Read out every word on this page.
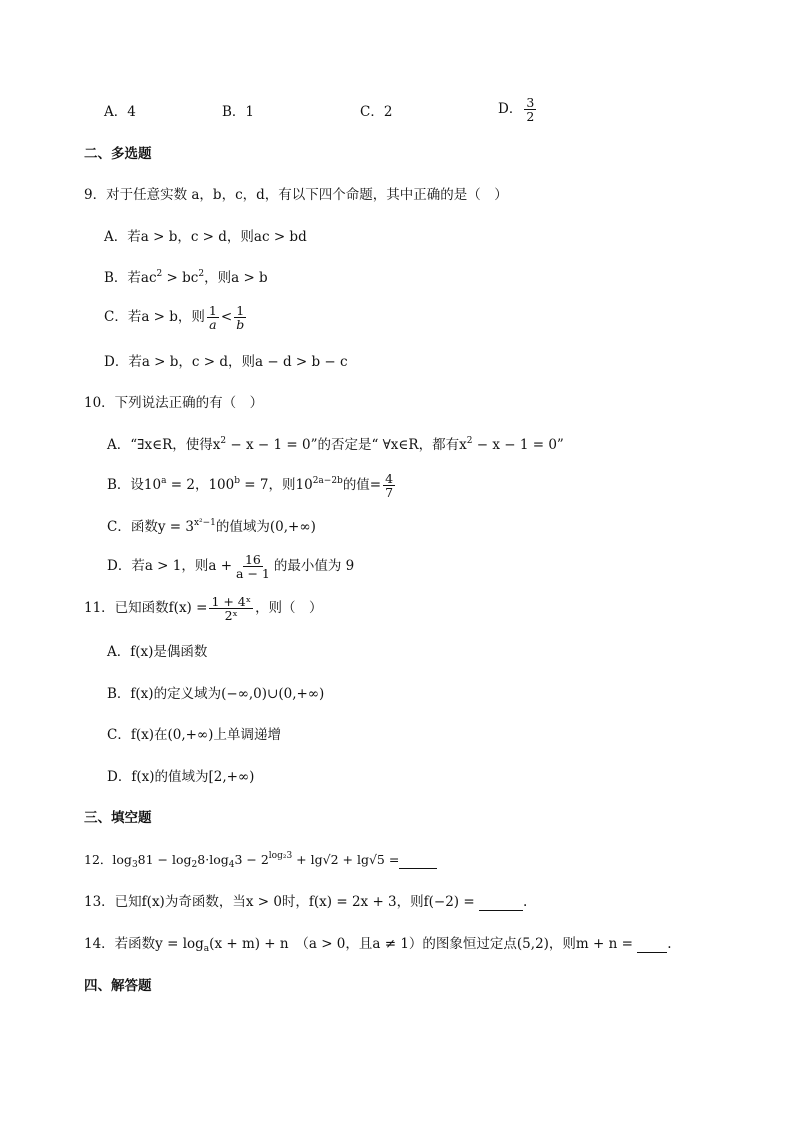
A．4	B．1	C．2	D． $\frac{3}{2}$
二、多选题
9．对于任意实数 a，b，c，d，有以下四个命题，其中正确的是（　）
A．若a > b，c > d，则ac > bd
B．若$ac^2 > bc^2$，则a > b
C．若a > b，则 $\frac{1}{a} < \frac{1}{b}$
D．若a > b，c > d，则a − d > b − c
10．下列说法正确的有（　）
A．“∃x∈R，使得$x^2 - x - 1 = 0$”的否定是“ ∀x∈R，都有$x^2 - x - 1 = 0$”
B．设$10^a = 2$，$100^b = 7$，则$10^{2a-2b}$的值= $\frac{4}{7}$
C．函数$y = 3^{x^2-1}$的值域为(0,+∞)
D．若a > 1，则$a + \frac{16}{a - 1}$ 的最小值为 9
11．已知函数$f(x) = \frac{\text{1 + 4ˣ}}{\text{2ˣ}}$ ，则（　）
A．f(x)是偶函数
B．f(x)的定义域为(−∞,0)∪(0,+∞)
C．f(x)在(0,+∞)上单调递增
D．f(x)的值域为[2,+∞)
三、填空题
12．$\log_381 - \log_28\cdot\log_43 - 2^{log_23} + \lg√2 + \lg√5$ =
13．已知f(x)为奇函数，当x > 0时，f(x) = 2x + 3，则f(−2) =	.
14．若函数$y = \log_a(x + m) + n$　（a > 0，且a ≠ 1）的图象恒过定点(5,2)，则m + n =	.
四、解答题
